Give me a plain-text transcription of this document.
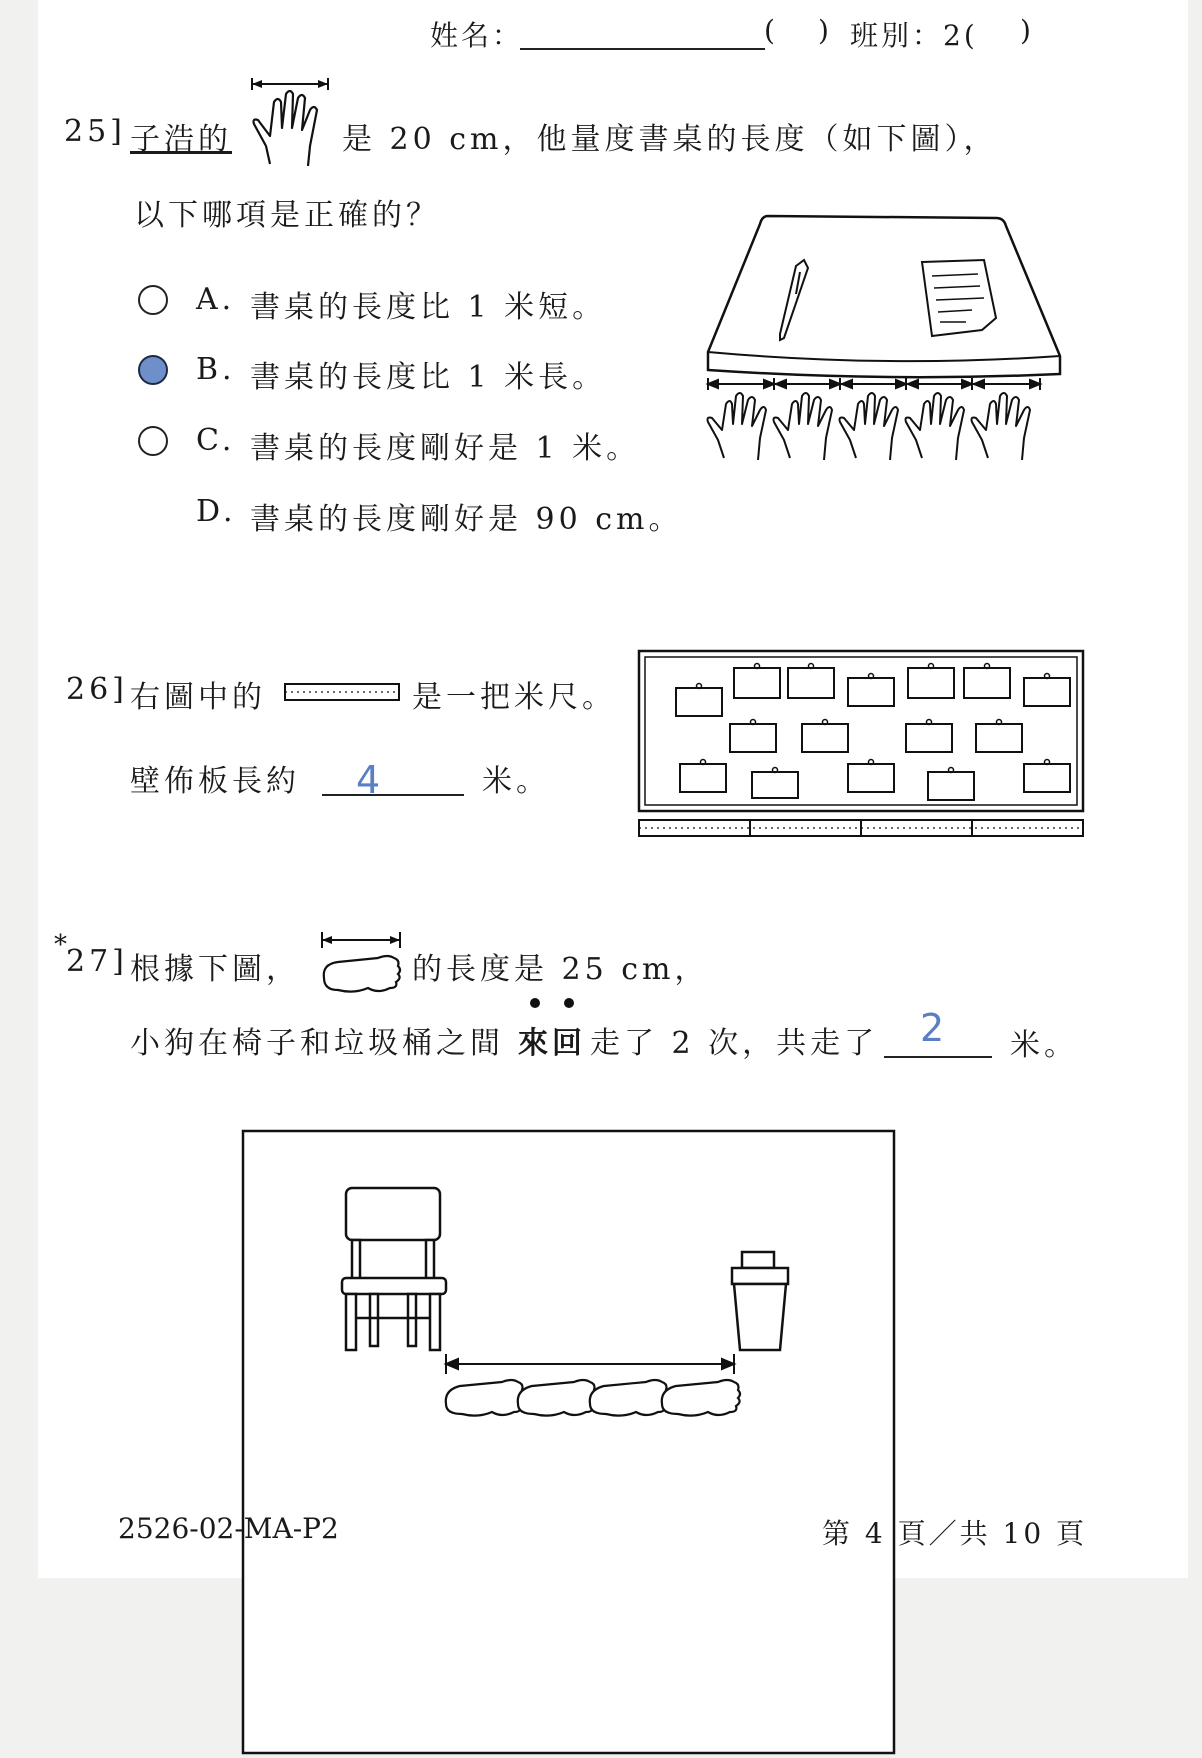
姓名：	( ) 班別：2( )
25] 子浩的	是 20 cm，他量度書桌的長度（如下圖），
以下哪項是正確的？
A. 書桌的長度比 1 米短。
B. 書桌的長度比 1 米長。
C. 書桌的長度剛好是 1 米。
D. 書桌的長度剛好是 90 cm。
26] 右圖中的	是一把米尺。
壁佈板長約 4	米。
* 27] 根據下圖，	的長度是 25 cm，
小狗在椅子和垃圾桶之間 來回 走了 2 次，共走了 2 米。
2526-02-MA-P2	第 4 頁／共 10 頁
